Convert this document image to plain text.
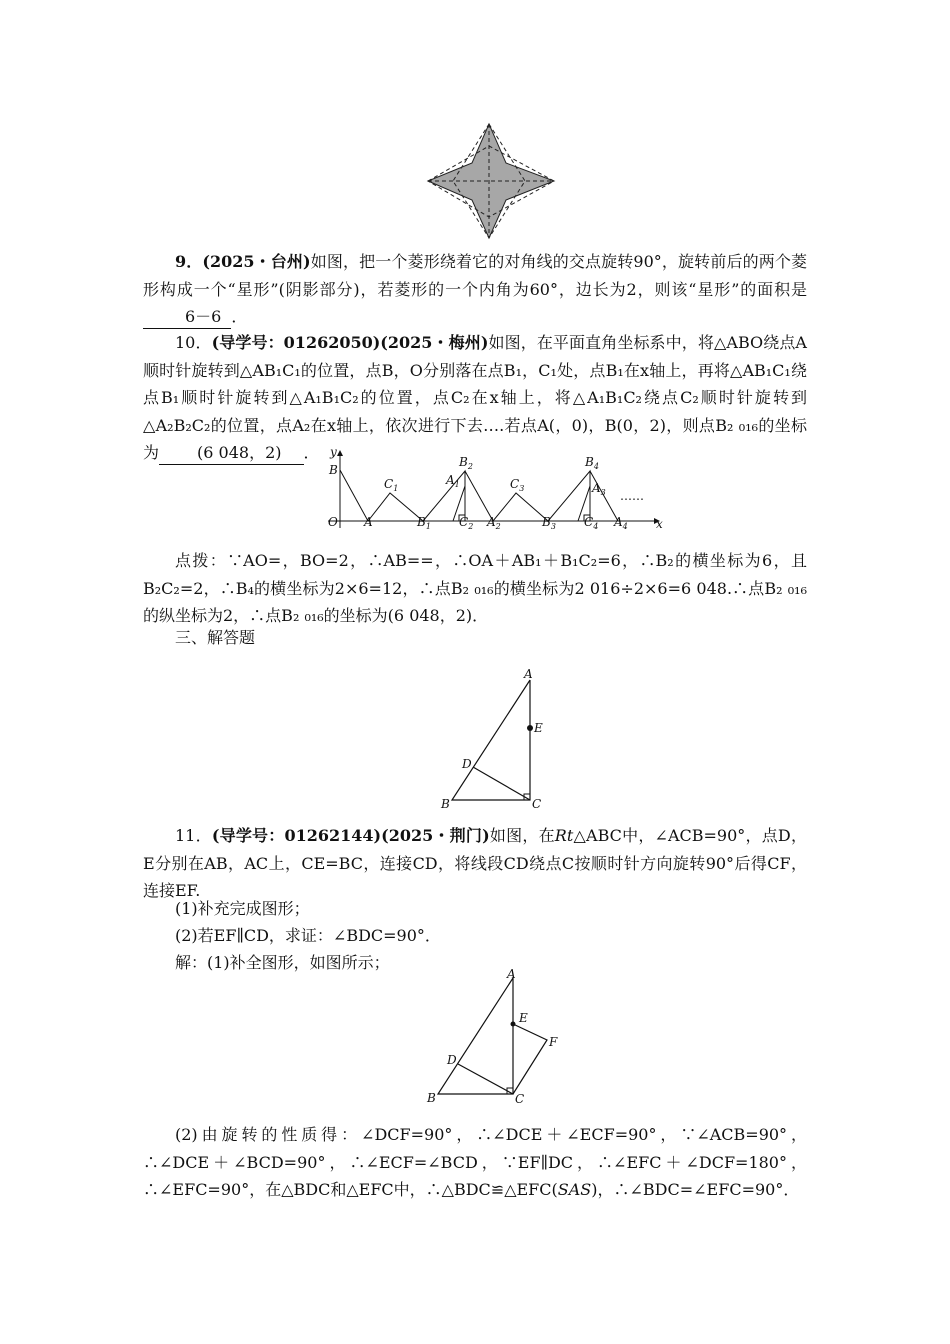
9．(2025・台州)如图，把一个菱形绕着它的对角线的交点旋转90°，旋转前后的两个菱形构成一个“星形”(阴影部分)，若菱形的一个内角为60°，边长为2，则该“星形”的面积是6－6 ．

10．(导学号：01262050)(2025・梅州)如图，在平面直角坐标系中，将△ABO绕点A顺时针旋转到△AB₁C₁的位置，点B，O分别落在点B₁，C₁处，点B₁在x轴上，再将△AB₁C₁绕点B₁顺时针旋转到△A₁B₁C₂的位置，点C₂在x轴上，将△A₁B₁C₂绕点C₂顺时针旋转到△A₂B₂C₂的位置，点A₂在x轴上，依次进行下去….若点A(，0)，B(0，2)，则点B₂ ₀₁₆的坐标为 (6 048，2) ． y
x
B
O A
$C_1$
$B_1$
$A_1$
$B_2$
$C_2$ $A_2$
$C_3$
$B_3$
$B_4$
$A_3$
$C_4$ $A_4$
……

点拨：∵AO=，BO=2，∴AB==，∴OA＋AB₁＋B₁C₂=6，∴B₂的横坐标为6，且B₂C₂=2，∴B₄的横坐标为2×6=12，∴点B₂ ₀₁₆的横坐标为2 016÷2×6=6 048.∴点B₂ ₀₁₆的纵坐标为2，∴点B₂ ₀₁₆的坐标为(6 048，2)．

三、解答题
A
E
D
B	C

11．(导学号：01262144)(2025・荆门)如图，在Rt△ABC中，∠ACB=90°，点D，E分别在AB，AC上，CE=BC，连接CD，将线段CD绕点C按顺时针方向旋转90°后得CF，连接EF.

(1)补充完成图形；
(2)若EF∥CD，求证：∠BDC=90°．
解：(1)补全图形，如图所示；
A
E
F
D
B	C

(2)由旋转的性质得：∠DCF=90°，∴∠DCE＋∠ECF=90°，∵∠ACB=90°，∴∠DCE＋∠BCD=90°，∴∠ECF=∠BCD，∵EF∥DC，∴∠EFC＋∠DCF=180°，∴∠EFC=90°，在△BDC和△EFC中，∴△BDC≌△EFC(SAS)，∴∠BDC=∠EFC=90°．
